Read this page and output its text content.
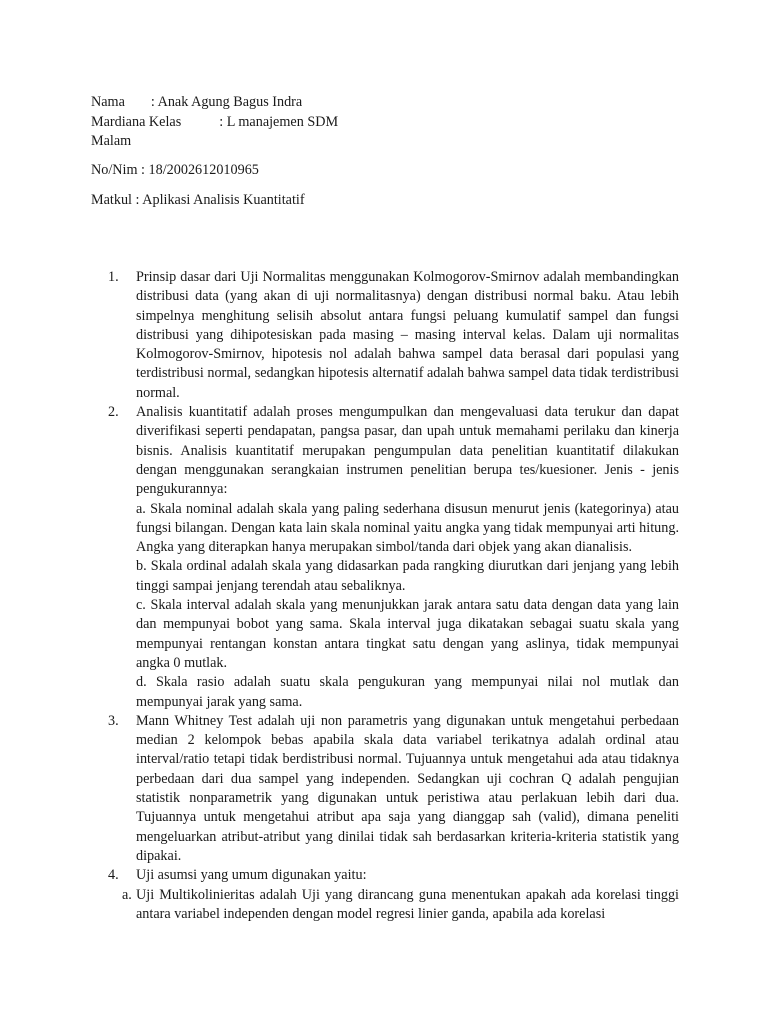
Nama : Anak Agung Bagus Indra
Mardiana Kelas	: L manajemen SDM
Malam
No/Nim : 18/2002612010965
Matkul : Aplikasi Analisis Kuantitatif
1. Prinsip dasar dari Uji Normalitas menggunakan Kolmogorov-Smirnov adalah membandingkan distribusi data (yang akan di uji normalitasnya) dengan distribusi normal baku. Atau lebih simpelnya menghitung selisih absolut antara fungsi peluang kumulatif sampel dan fungsi distribusi yang dihipotesiskan pada masing – masing interval kelas. Dalam uji normalitas Kolmogorov-Smirnov, hipotesis nol adalah bahwa sampel data berasal dari populasi yang terdistribusi normal, sedangkan hipotesis alternatif adalah bahwa sampel data tidak terdistribusi normal.

2. Analisis kuantitatif adalah proses mengumpulkan dan mengevaluasi data terukur dan dapat diverifikasi seperti pendapatan, pangsa pasar, dan upah untuk memahami perilaku dan kinerja bisnis. Analisis kuantitatif merupakan pengumpulan data penelitian kuantitatif dilakukan dengan menggunakan serangkaian instrumen penelitian berupa tes/kuesioner. Jenis - jenis pengukurannya:

a. Skala nominal adalah skala yang paling sederhana disusun menurut jenis (kategorinya) atau fungsi bilangan. Dengan kata lain skala nominal yaitu angka yang tidak mempunyai arti hitung. Angka yang diterapkan hanya merupakan simbol/tanda dari objek yang akan dianalisis.

b. Skala ordinal adalah skala yang didasarkan pada rangking diurutkan dari jenjang yang lebih tinggi sampai jenjang terendah atau sebaliknya.

c. Skala interval adalah skala yang menunjukkan jarak antara satu data dengan data yang lain dan mempunyai bobot yang sama. Skala interval juga dikatakan sebagai suatu skala yang mempunyai rentangan konstan antara tingkat satu dengan yang aslinya, tidak mempunyai angka 0 mutlak.

d. Skala rasio adalah suatu skala pengukuran yang mempunyai nilai nol mutlak dan mempunyai jarak yang sama.

3. Mann Whitney Test adalah uji non parametris yang digunakan untuk mengetahui perbedaan median 2 kelompok bebas apabila skala data variabel terikatnya adalah ordinal atau interval/ratio tetapi tidak berdistribusi normal. Tujuannya untuk mengetahui ada atau tidaknya perbedaan dari dua sampel yang independen. Sedangkan uji cochran Q adalah pengujian statistik nonparametrik yang digunakan untuk peristiwa atau perlakuan lebih dari dua. Tujuannya untuk mengetahui atribut apa saja yang dianggap sah (valid), dimana peneliti mengeluarkan atribut-atribut yang dinilai tidak sah berdasarkan kriteria-kriteria statistik yang dipakai.

4. Uji asumsi yang umum digunakan yaitu:

a. Uji Multikolinieritas adalah Uji yang dirancang guna menentukan apakah ada korelasi tinggi antara variabel independen dengan model regresi linier ganda, apabila ada korelasi
